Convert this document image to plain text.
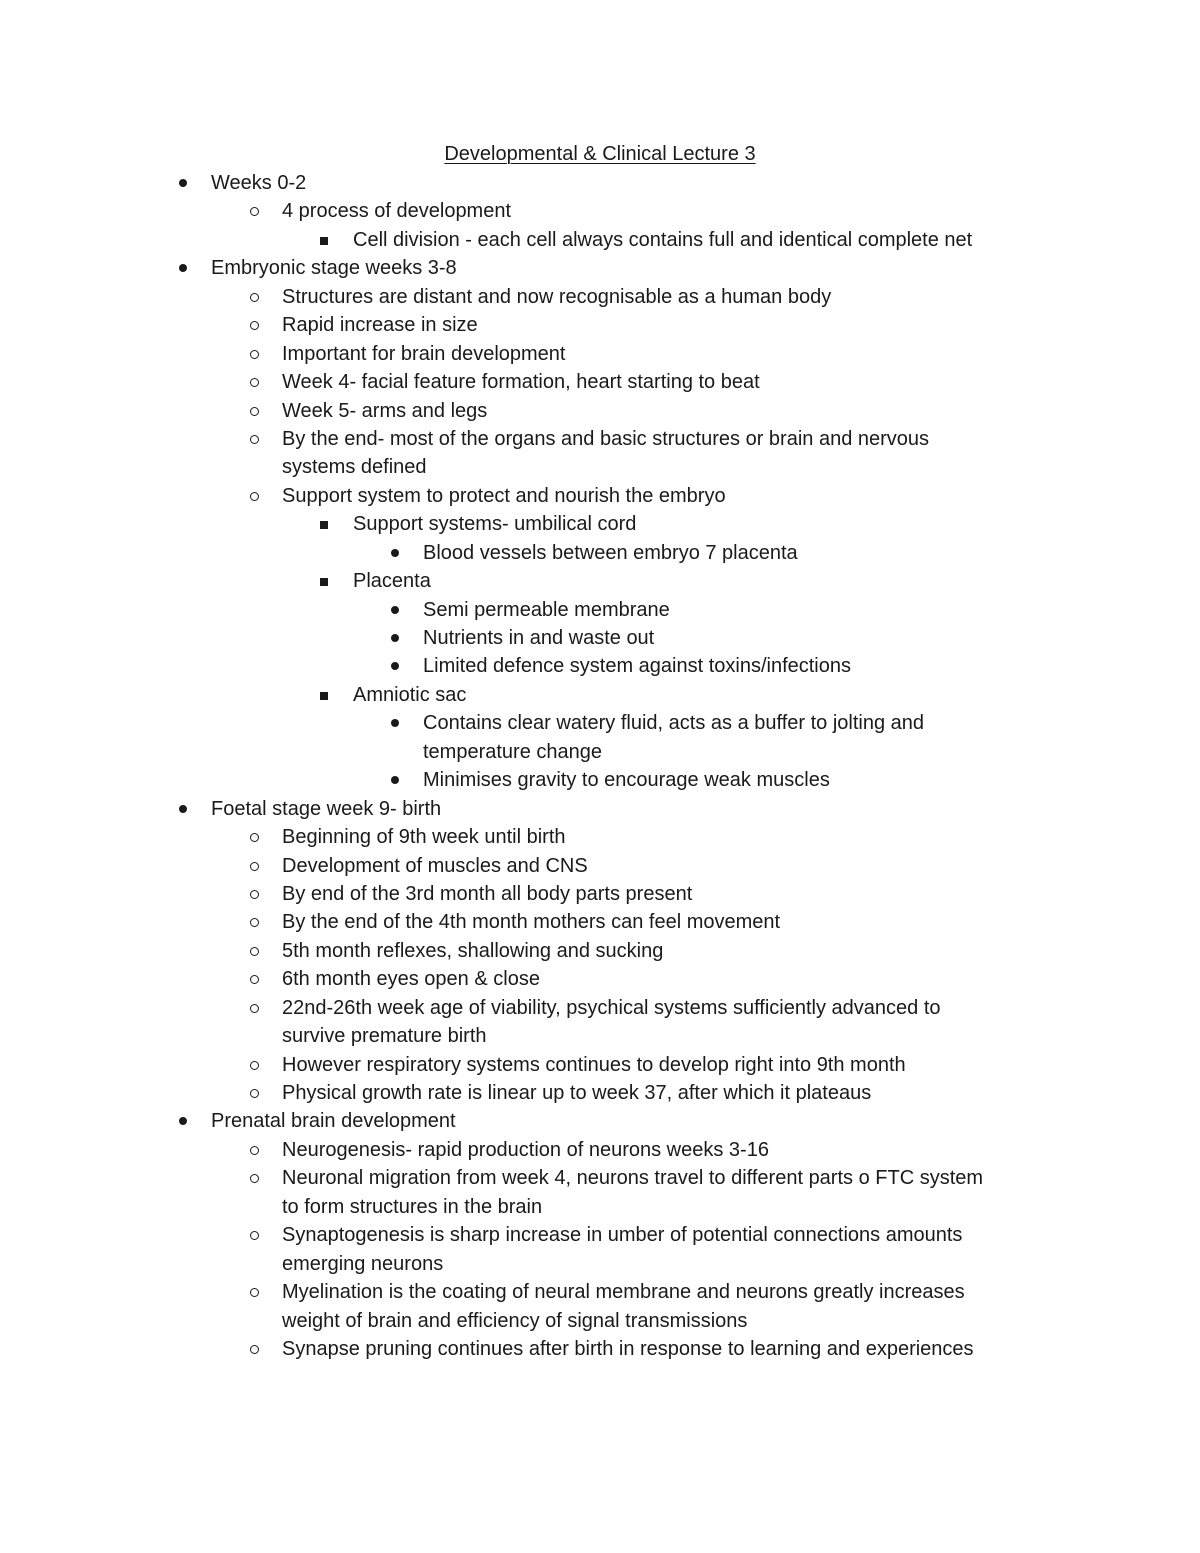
Developmental & Clinical Lecture 3
Weeks 0-2
4 process of development
Cell division - each cell always contains full and identical complete net
Embryonic stage weeks 3-8
Structures are distant and now recognisable as a human body
Rapid increase in size
Important for brain development
Week 4- facial feature formation, heart starting to beat
Week 5- arms and legs
By the end- most of the organs and basic structures or brain and nervous
systems defined
Support system to protect and nourish the embryo
Support systems- umbilical cord
Blood vessels between embryo 7 placenta
Placenta
Semi permeable membrane
Nutrients in and waste out
Limited defence system against toxins/infections
Amniotic sac
Contains clear watery fluid, acts as a buffer to jolting and
temperature change
Minimises gravity to encourage weak muscles
Foetal stage week 9- birth
Beginning of 9th week until birth
Development of muscles and CNS
By end of the 3rd month all body parts present
By the end of the 4th month mothers can feel movement
5th month reflexes, shallowing and sucking
6th month eyes open & close
22nd-26th week age of viability, psychical systems sufficiently advanced to
survive premature birth
However respiratory systems continues to develop right into 9th month
Physical growth rate is linear up to week 37, after which it plateaus
Prenatal brain development
Neurogenesis- rapid production of neurons weeks 3-16
Neuronal migration from week 4, neurons travel to different parts o FTC system
to form structures in the brain
Synaptogenesis is sharp increase in umber of potential connections amounts
emerging neurons
Myelination is the coating of neural membrane and neurons greatly increases
weight of brain and efficiency of signal transmissions
Synapse pruning continues after birth in response to learning and experiences
